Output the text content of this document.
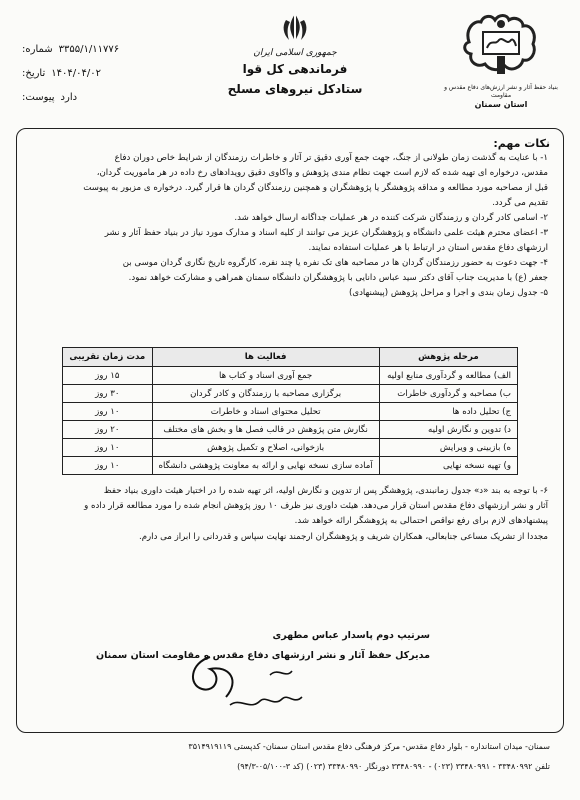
۳۳۵۵/۱/۱۱۷۷۶
شماره:
۱۴۰۴/۰۴/۰۲
تاریخ:
دارد
پیوست:
جمهوری اسلامی ایران
فرماندهی کل قوا
ستادکل نیروهای مسلح	بنیاد حفظ آثار و نشر ارزش‌های دفاع مقدس و مقاومت
استان سمنان
نکات مهم:

۱- با عنایت به گذشت زمان طولانی از جنگ، جهت جمع آوری دقیق تر آثار و خاطرات رزمندگان از شرایط خاص دوران دفاع

مقدس، درخواره ای تهیه شده که لازم است جهت نظام مندی پژوهش و واکاوی دقیق رویدادهای رخ داده در هر ماموریت گردان،

قبل از مصاحبه مورد مطالعه و مداقه پژوهشگر یا پژوهشگران و همچنین رزمندگان گردان ها قرار گیرد. درخواره ی مزبور به پیوست

تقدیم می گردد.

۲- اسامی کادر گردان و رزمندگان شرکت کننده در هر عملیات جداگانه ارسال خواهد شد.

۳- اعضای محترم هیئت علمی دانشگاه و پژوهشگران عزیز می توانند از کلیه اسناد و مدارک مورد نیاز در بنیاد حفظ آثار و نشر

ارزشهای دفاع مقدس استان در ارتباط با هر عملیات استفاده نمایند.

۴- جهت دعوت به حضور رزمندگان گردان ها در مصاحبه های تک نفره یا چند نفره، کارگروه تاریخ نگاری گردان موسی بن

جعفر (ع) با مدیریت جناب آقای دکتر سید عباس دانایی با پژوهشگران دانشگاه سمنان همراهی و مشارکت خواهد نمود.

۵- جدول زمان بندی و اجرا و مراحل پژوهش (پیشنهادی)

مرحله پژوهش	فعالیت ها	مدت زمان تقریبی
الف) مطالعه و گردآوری منابع اولیه	جمع آوری اسناد و کتاب ها	۱۵ روز
ب) مصاحبه و گردآوری خاطرات	برگزاری مصاحبه با رزمندگان و کادر گردان	۳۰ روز
ج) تحلیل داده ها	تحلیل محتوای اسناد و خاطرات	۱۰ روز
د) تدوین و نگارش اولیه	نگارش متن پژوهش در قالب فصل ها و بخش های مختلف	۲۰ روز
ه) بازبینی و ویرایش	بازخوانی، اصلاح و تکمیل پژوهش	۱۰ روز
و) تهیه نسخه نهایی	آماده سازی نسخه نهایی و ارائه به معاونت پژوهشی دانشگاه	۱۰ روز

۶- با توجه به بند «د» جدول زمانبندی، پژوهشگر پس از تدوین و نگارش اولیه، اثر تهیه شده را در اختیار هیئت داوری بنیاد حفظ

آثار و نشر ارزشهای دفاع مقدس استان قرار می‌دهد. هیئت داوری نیز ظرف ۱۰ روز پژوهش انجام شده را مورد مطالعه قرار داده و

پیشنهادهای لازم برای رفع نواقص احتمالی به پژوهشگر ارائه خواهد شد.

مجددا از تشریک مساعی جنابعالی، همکاران شریف و پژوهشگران ارجمند نهایت سپاس و قدردانی را ابراز می دارم.

سرتیپ دوم پاسدار عباس مطهری
مدیرکل حفظ آثار و نشر ارزشهای دفاع مقدس و مقاومت استان سمنان
سمنان- میدان استانداره - بلوار دفاع مقدس- مرکز فرهنگی دفاع مقدس استان سمنان- کدپستی ۳۵۱۴۹۱۹۱۱۹
تلفن ۳۳۴۸۰۹۹۲ - ۳۳۴۸۰۹۹۱ (۰۲۳) - ۳۳۴۸۰۹۹۰ دورنگار ۳۳۴۸۰۹۹۰ (۰۲۳) (کد ۳-۰۵/۱۰۰-۹۴/۳)
